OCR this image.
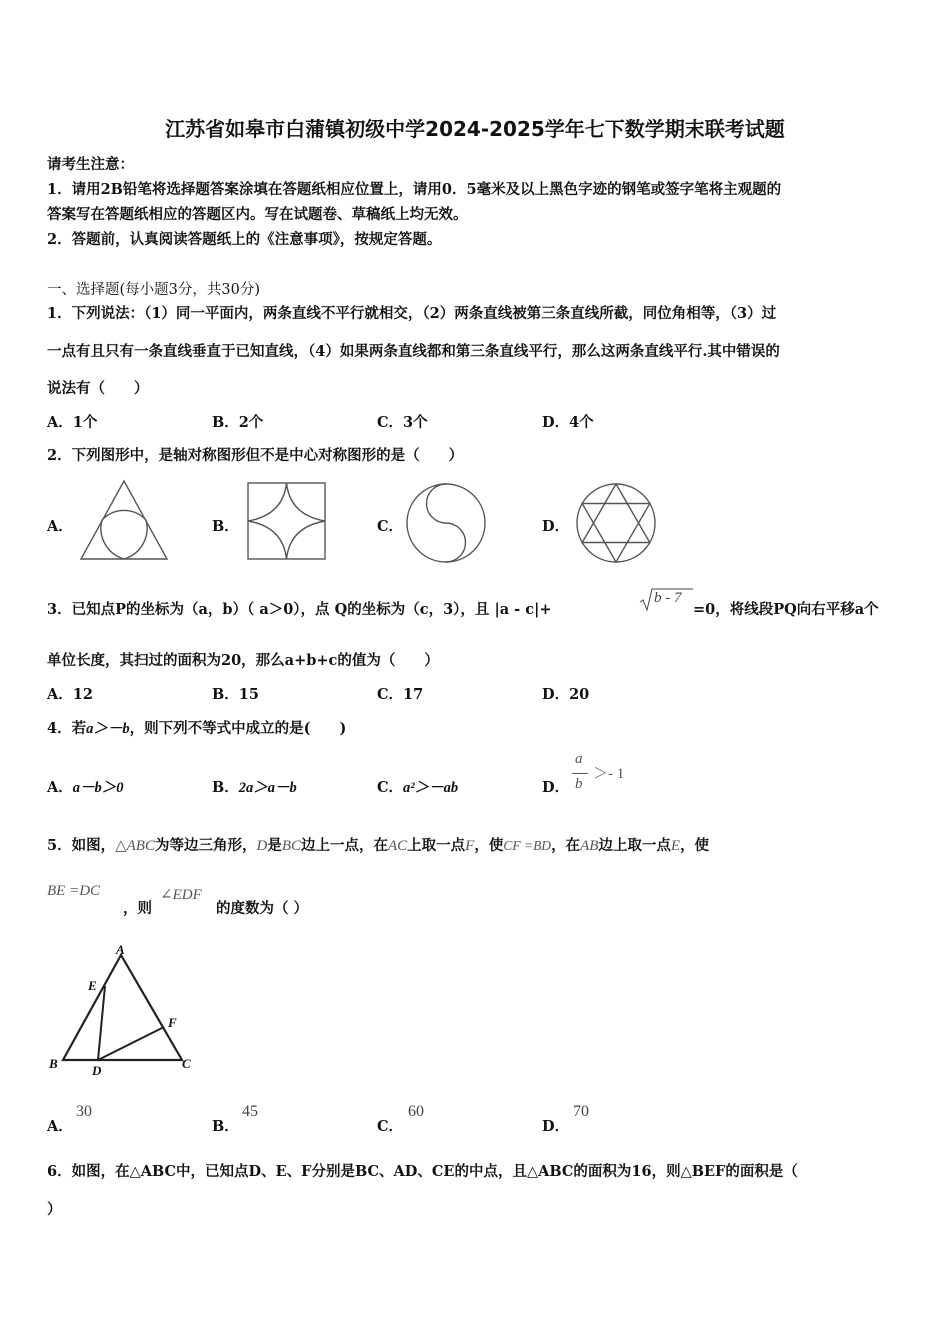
江苏省如皋市白蒲镇初级中学2024-2025学年七下数学期末联考试题
请考生注意：
1．请用2B铅笔将选择题答案涂填在答题纸相应位置上，请用0．5毫米及以上黑色字迹的钢笔或签字笔将主观题的
答案写在答题纸相应的答题区内。写在试题卷、草稿纸上均无效。
2．答题前，认真阅读答题纸上的《注意事项》，按规定答题。
一、选择题(每小题3分，共30分)
1．下列说法：（1）同一平面内，两条直线不平行就相交，（2）两条直线被第三条直线所截，同位角相等，（3）过
一点有且只有一条直线垂直于已知直线，（4）如果两条直线都和第三条直线平行，那么这两条直线平行.其中错误的
说法有（　　）
A．1个	B．2个	C．3个	D．4个
2．下列图形中，是轴对称图形但不是中心对称图形的是（　　）
A．	B．	C．	D．
3．已知点P的坐标为（a，b）（ a＞0），点 Q的坐标为（c，3），且 |a - c|+
b - 7
=0，将线段PQ向右平移a个
单位长度，其扫过的面积为20，那么a+b+c的值为（　　）
A．12	B．15	C．17	D．20
4．若a＞－b，则下列不等式中成立的是(　　)
A．a－b＞0	B．2a＞a－b	C．a²＞－ab	D．
a
b
＞- 1
5．如图，△ABC为等边三角形，D是BC边上一点，在AC上取一点F，使CF =BD，在AB边上取一点E，使
BE =DC
，则
∠EDF
的度数为（ ）
A
E
F
B	D	C
A．
30
B．
45
C．
60
D．
70
6．如图，在△ABC中，已知点D、E、F分别是BC、AD、CE的中点，且△ABC的面积为16，则△BEF的面积是（
）
